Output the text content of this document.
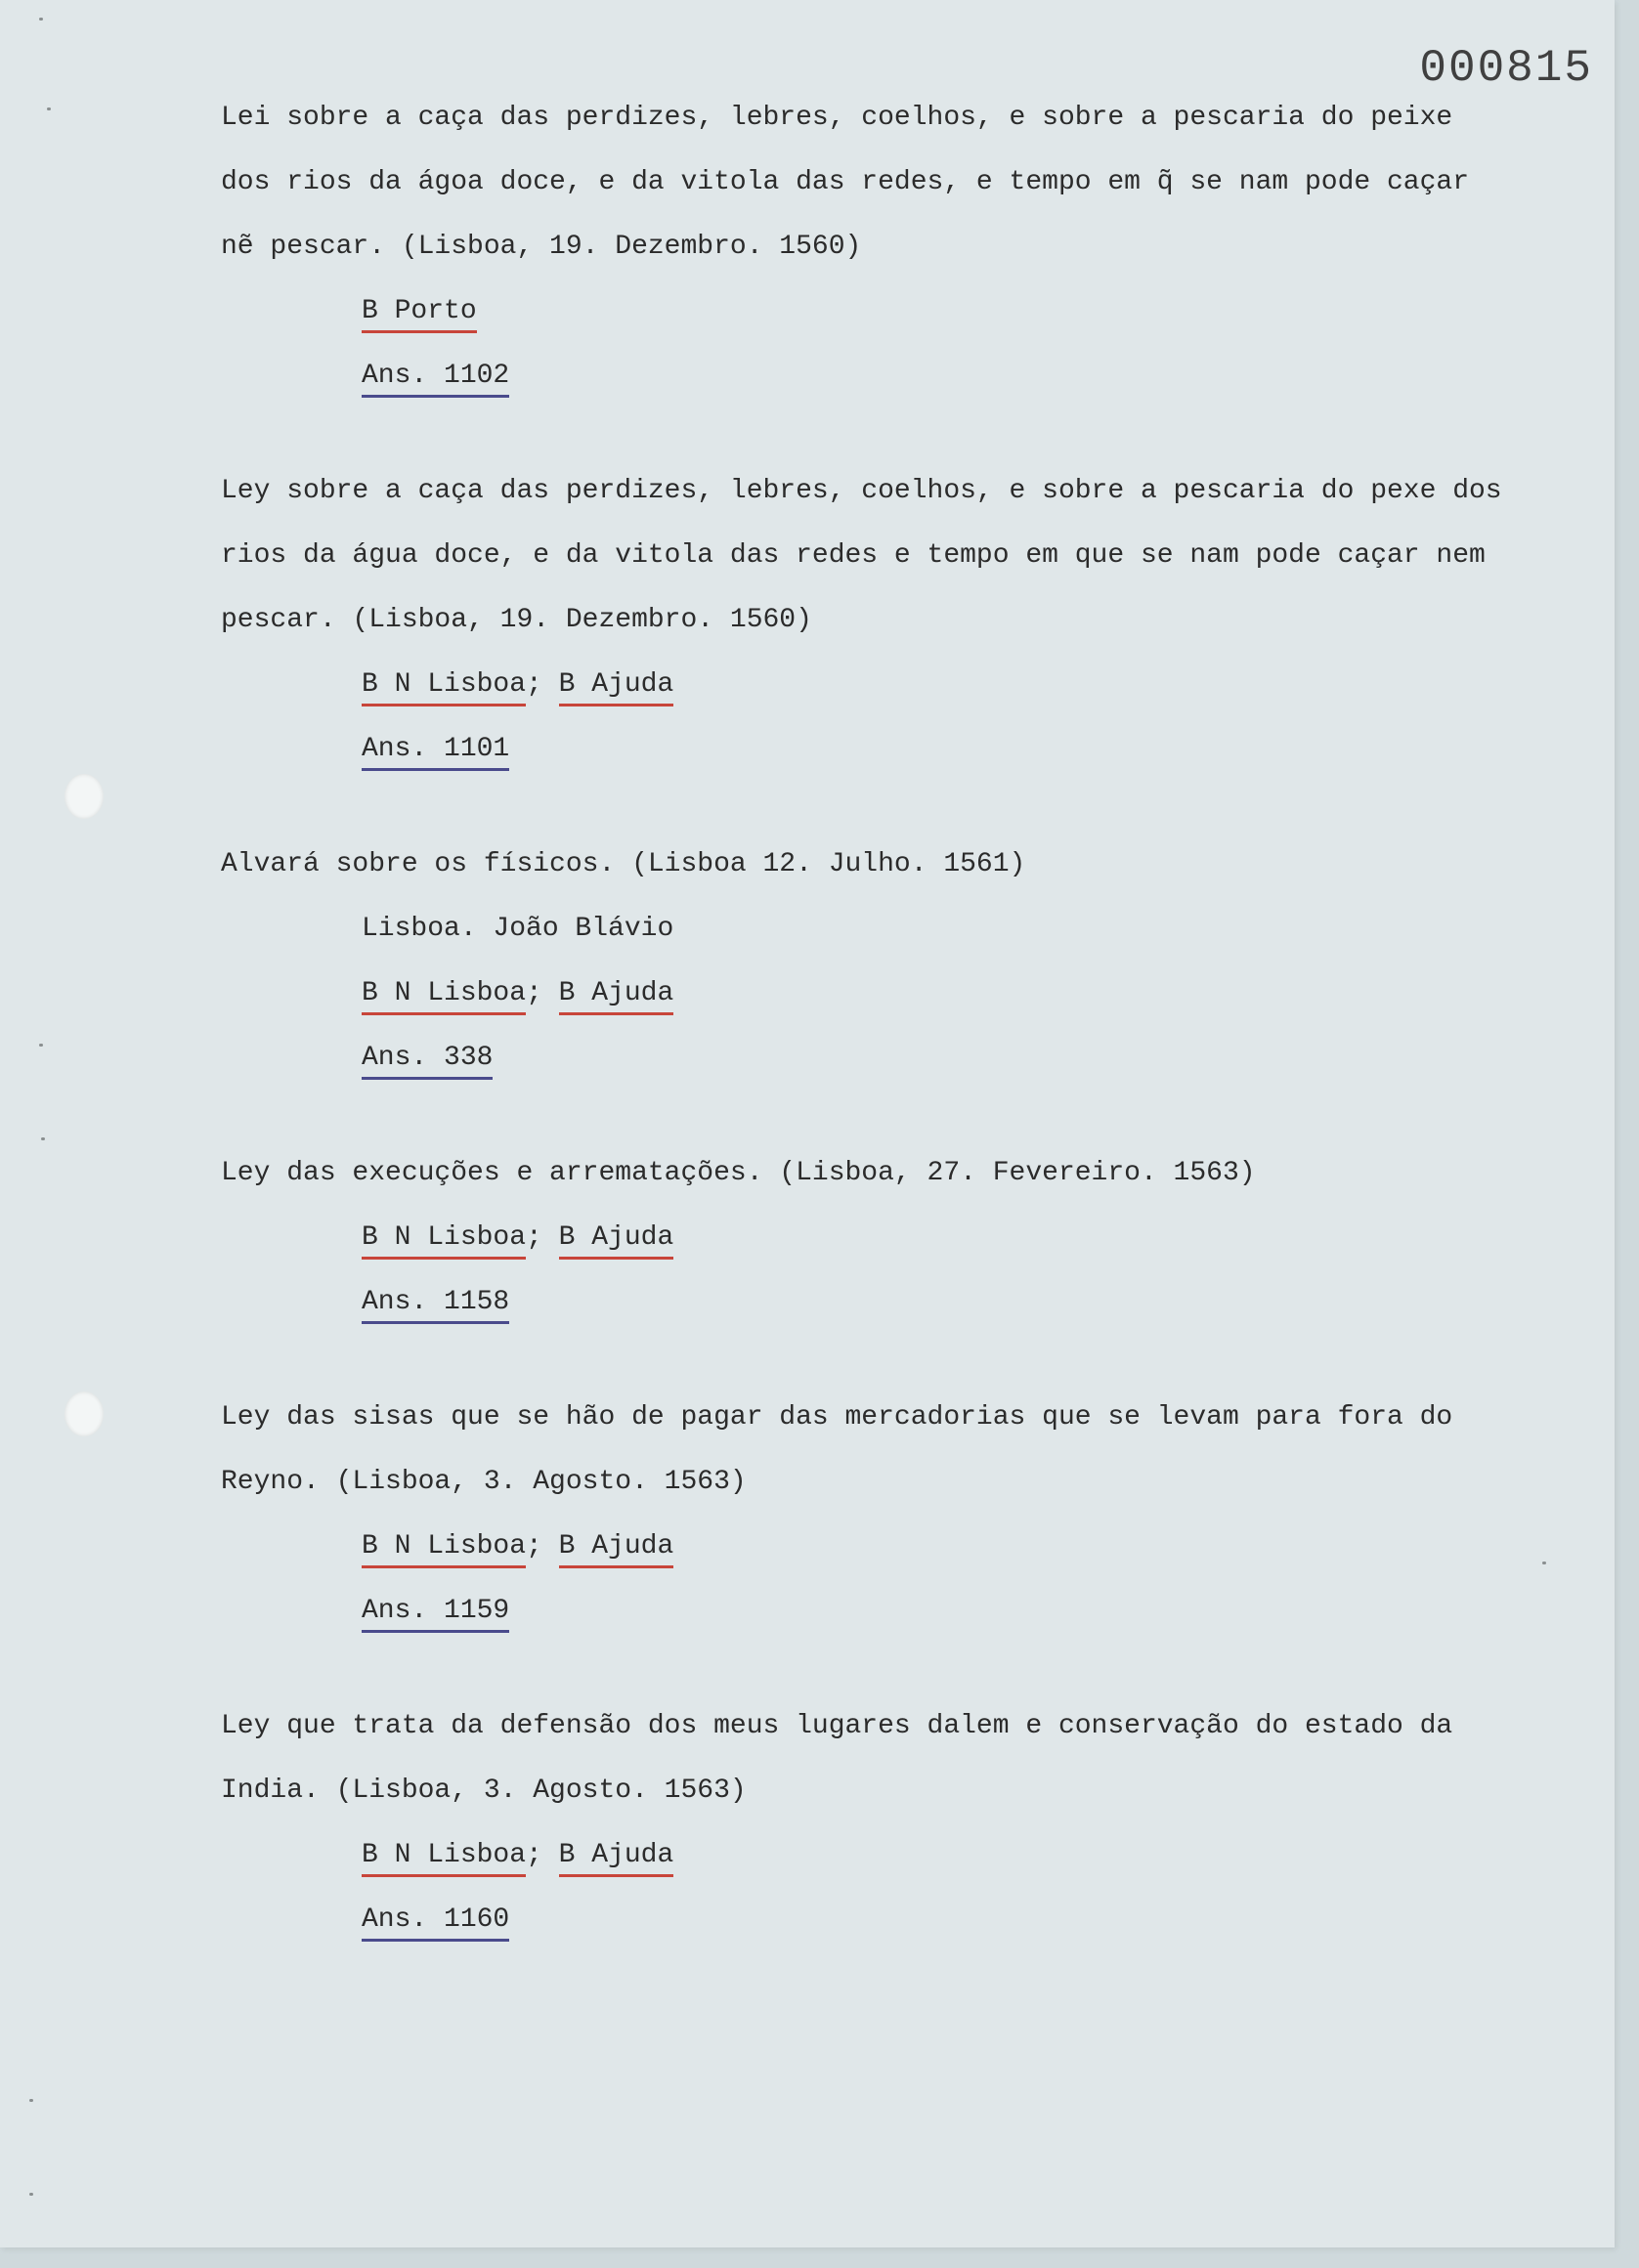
000815

Lei sobre a caça das perdizes, lebres, coelhos, e sobre a pescaria do peixe
dos rios da ágoa doce, e da vitola das redes, e tempo em q̃ se nam pode caçar
nẽ pescar. (Lisboa, 19. Dezembro. 1560)

B Porto
Ans. 1102

Ley sobre a caça das perdizes, lebres, coelhos, e sobre a pescaria do pexe dos
rios da água doce, e da vitola das redes e tempo em que se nam pode caçar nem
pescar. (Lisboa, 19. Dezembro. 1560)

B N Lisboa; B Ajuda
Ans. 1101

Alvará sobre os físicos. (Lisboa 12. Julho. 1561)

Lisboa. João Blávio
B N Lisboa; B Ajuda
Ans. 338

Ley das execuções e arrematações. (Lisboa, 27. Fevereiro. 1563)

B N Lisboa; B Ajuda
Ans. 1158

Ley das sisas que se hão de pagar das mercadorias que se levam para fora do
Reyno. (Lisboa, 3. Agosto. 1563)

B N Lisboa; B Ajuda
Ans. 1159

Ley que trata da defensão dos meus lugares dalem e conservação do estado da
India. (Lisboa, 3. Agosto. 1563)

B N Lisboa; B Ajuda
Ans. 1160
